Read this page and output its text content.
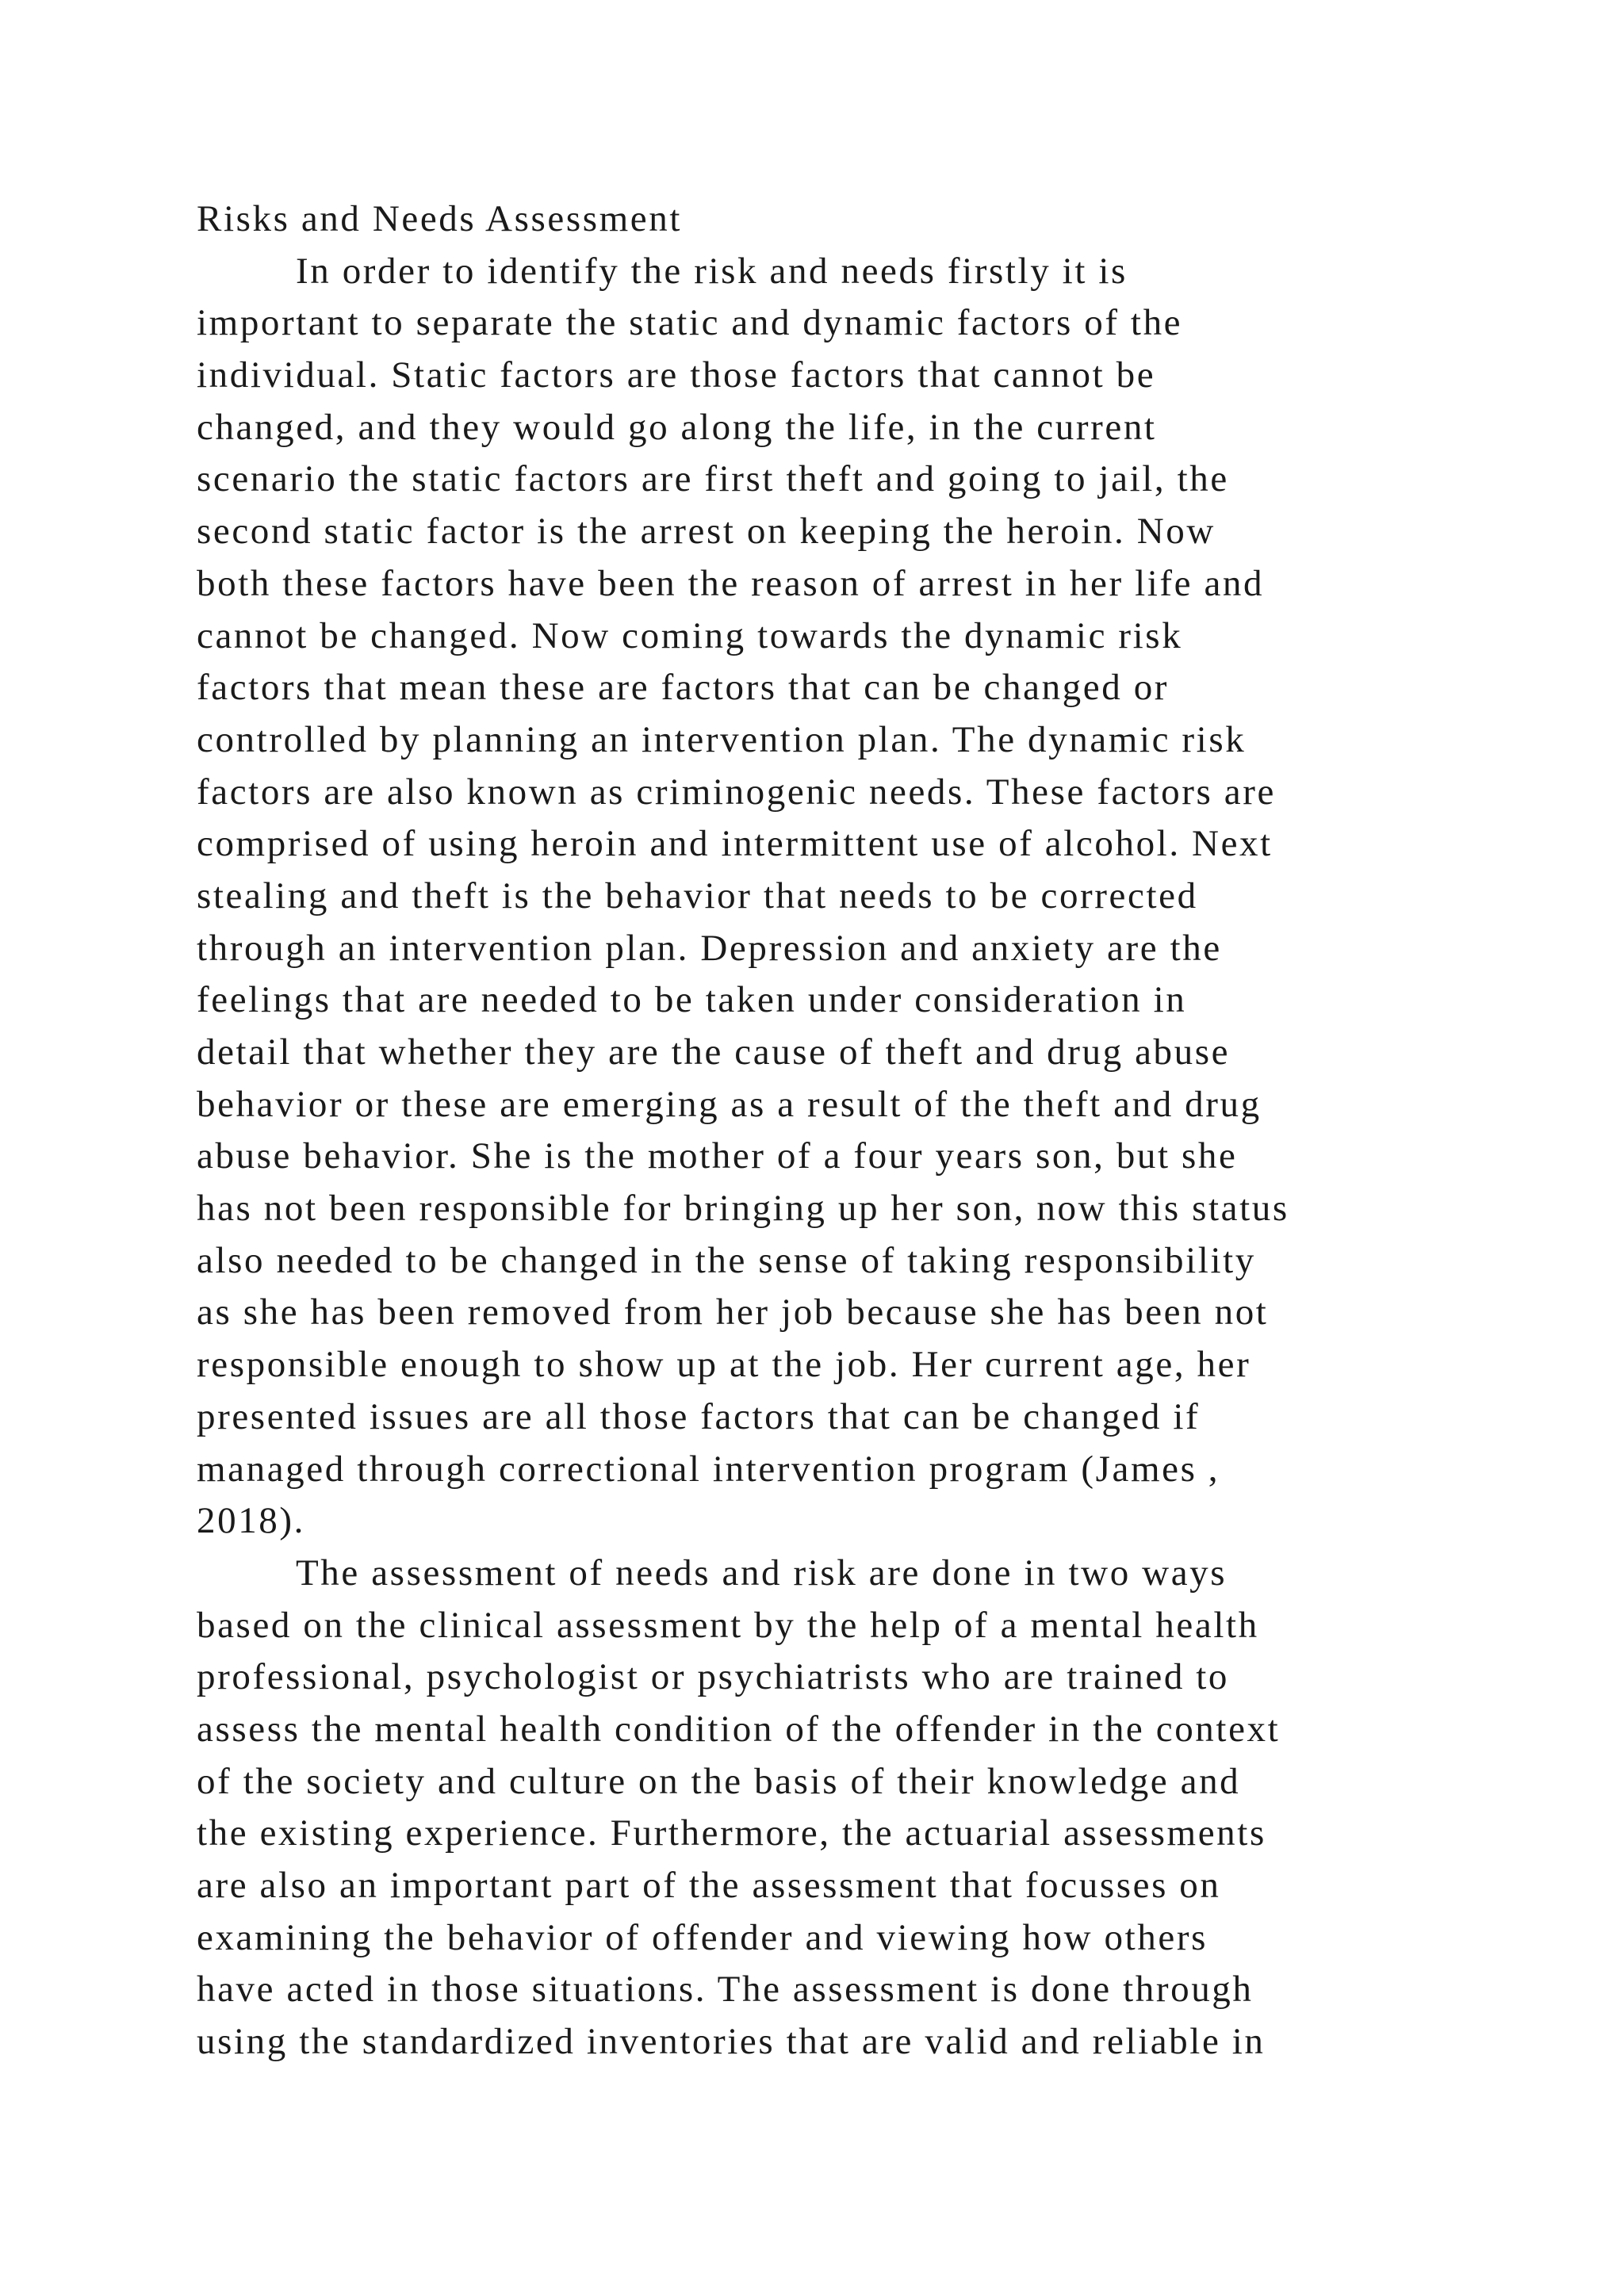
Risks and Needs Assessment
In order to identify the risk and needs firstly it is
important to separate the static and dynamic factors of the
individual. Static factors are those factors that cannot be
changed, and they would go along the life, in the current
scenario the static factors are first theft and going to jail, the
second static factor is the arrest on keeping the heroin. Now
both these factors have been the reason of arrest in her life and
cannot be changed. Now coming towards the dynamic risk
factors that mean these are factors that can be changed or
controlled by planning an intervention plan. The dynamic risk
factors are also known as criminogenic needs. These factors are
comprised of using heroin and intermittent use of alcohol. Next
stealing and theft is the behavior that needs to be corrected
through an intervention plan. Depression and anxiety are the
feelings that are needed to be taken under consideration in
detail that whether they are the cause of theft and drug abuse
behavior or these are emerging as a result of the theft and drug
abuse behavior. She is the mother of a four years son, but she
has not been responsible for bringing up her son, now this status
also needed to be changed in the sense of taking responsibility
as she has been removed from her job because she has been not
responsible enough to show up at the job. Her current age, her
presented issues are all those factors that can be changed if
managed through correctional intervention program (James ,
2018).
The assessment of needs and risk are done in two ways
based on the clinical assessment by the help of a mental health
professional, psychologist or psychiatrists who are trained to
assess the mental health condition of the offender in the context
of the society and culture on the basis of their knowledge and
the existing experience. Furthermore, the actuarial assessments
are also an important part of the assessment that focusses on
examining the behavior of offender and viewing how others
have acted in those situations. The assessment is done through
using the standardized inventories that are valid and reliable in
